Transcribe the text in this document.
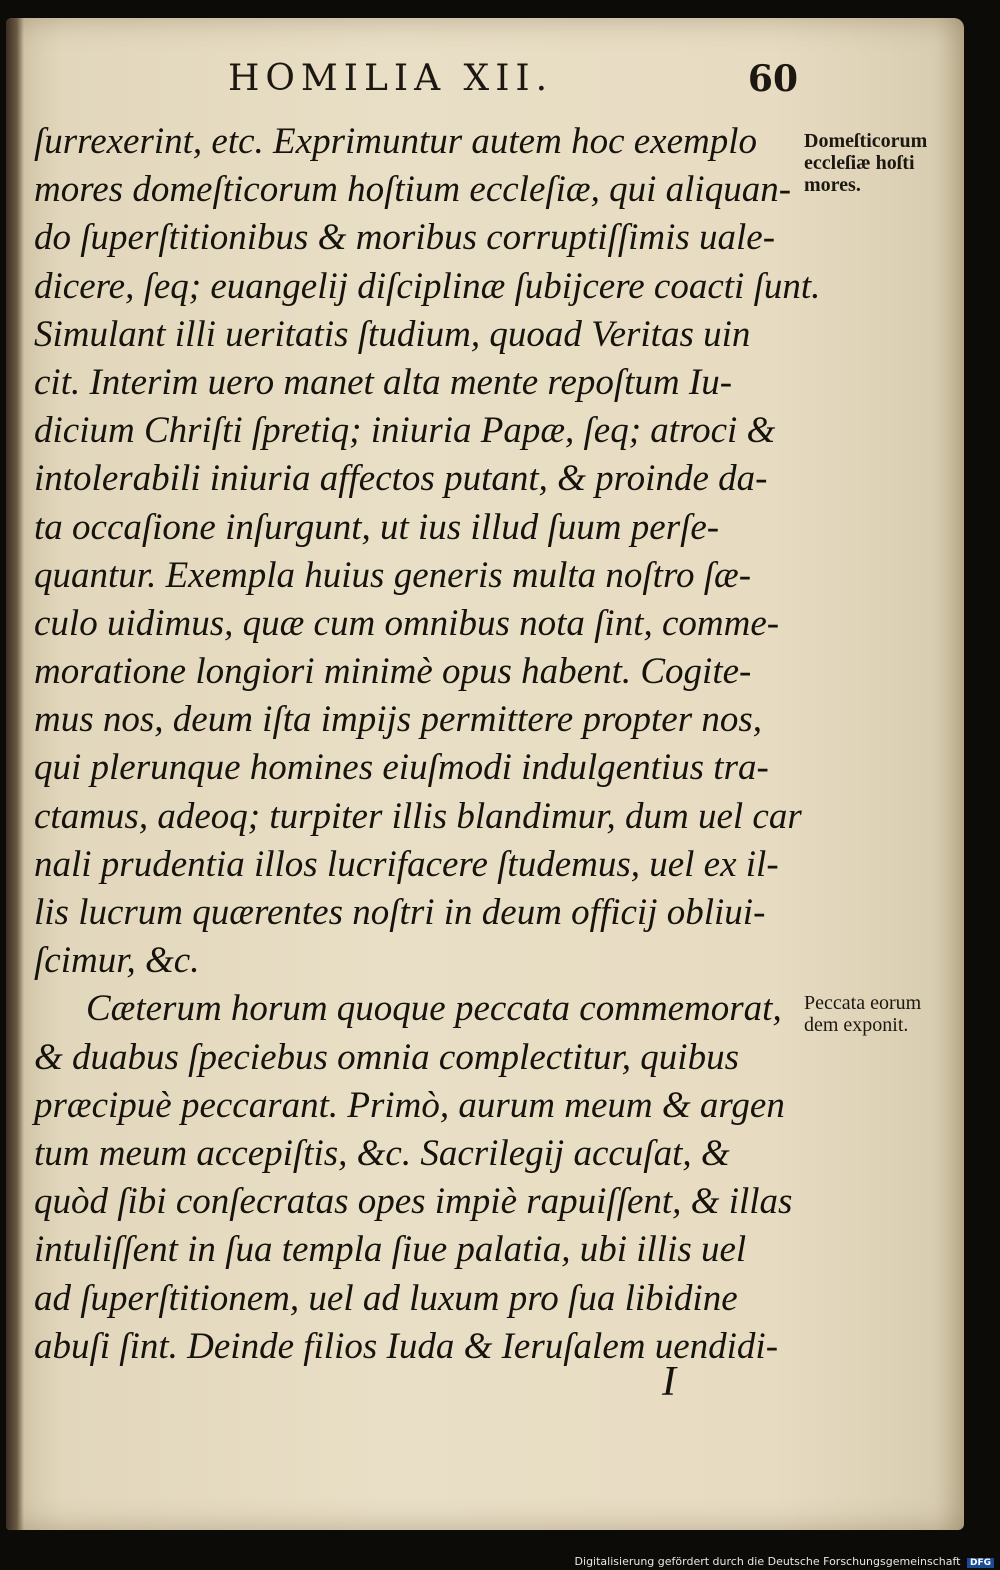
HOMILIA XII.	60
ſurrexerint, etc. Exprimuntur autem hoc exemplo
mores domeſticorum hoſtium eccleſiæ, qui aliquan-
do ſuperſtitionibus & moribus corruptiſſimis uale-
dicere, ſeq; euangelij diſciplinæ ſubijcere coacti ſunt.
Simulant illi ueritatis ſtudium, quoad Veritas uin
cit. Interim uero manet alta mente repoſtum Iu-
dicium Chriſti ſpretiq; iniuria Papæ, ſeq; atroci &
intolerabili iniuria affectos putant, & proinde da-
ta occaſione inſurgunt, ut ius illud ſuum perſe-
quantur. Exempla huius generis multa noſtro ſæ-
culo uidimus, quæ cum omnibus nota ſint, comme-
moratione longiori minimè opus habent. Cogite-
mus nos, deum iſta impijs permittere propter nos,
qui plerunque homines eiuſmodi indulgentius tra-
ctamus, adeoq; turpiter illis blandimur, dum uel car
nali prudentia illos lucrifacere ſtudemus, uel ex il-
lis lucrum quærentes noſtri in deum officij obliui-
ſcimur, &c.
Cæterum horum quoque peccata commemorat,
& duabus ſpeciebus omnia complectitur, quibus
præcipuè peccarant. Primò, aurum meum & argen
tum meum accepiſtis, &c. Sacrilegij accuſat, &
quòd ſibi conſecratas opes impiè rapuiſſent, & illas
intuliſſent in ſua templa ſiue palatia, ubi illis uel
ad ſuperſtitionem, uel ad luxum pro ſua libidine
abuſi ſint. Deinde filios Iuda & Ieruſalem uendidi-
Domeſticorum
eccleſiæ hoſti
mores.
Peccata eorum
dem exponit.
I
Digitalisierung gefördert durch die Deutsche Forschungsgemeinschaft DFG
